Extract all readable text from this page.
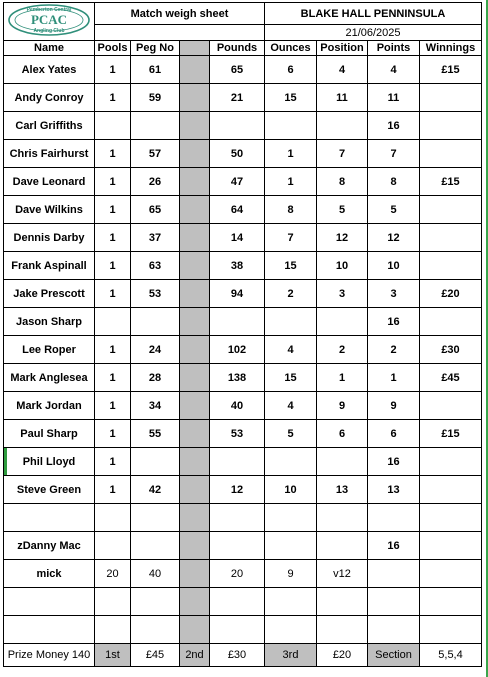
Pemberton Central
PCAC
Angling Club	Match weigh sheet				BLAKE HALL PENNINSULA			
					21/06/2025			
Name	Pools	Peg No		Pounds	Ounces	Position	Points	Winnings
Alex Yates	1	61		65	6	4	4	£15
Andy Conroy	1	59		21	15	11	11	
Carl Griffiths							16	
Chris Fairhurst	1	57		50	1	7	7	
Dave Leonard	1	26		47	1	8	8	£15
Dave Wilkins	1	65		64	8	5	5	
Dennis Darby	1	37		14	7	12	12	
Frank Aspinall	1	63		38	15	10	10	
Jake Prescott	1	53		94	2	3	3	£20
Jason Sharp							16	
Lee Roper	1	24		102	4	2	2	£30
Mark Anglesea	1	28		138	15	1	1	£45
Mark Jordan	1	34		40	4	9	9	
Paul Sharp	1	55		53	5	6	6	£15
Phil Lloyd	1						16	
Steve Green	1	42		12	10	13	13	

zDanny Mac							16	
mick	20	40		20	9	v12		

Prize Money 140	1st	£45	2nd	£30	3rd	£20	Section	5,5,4
